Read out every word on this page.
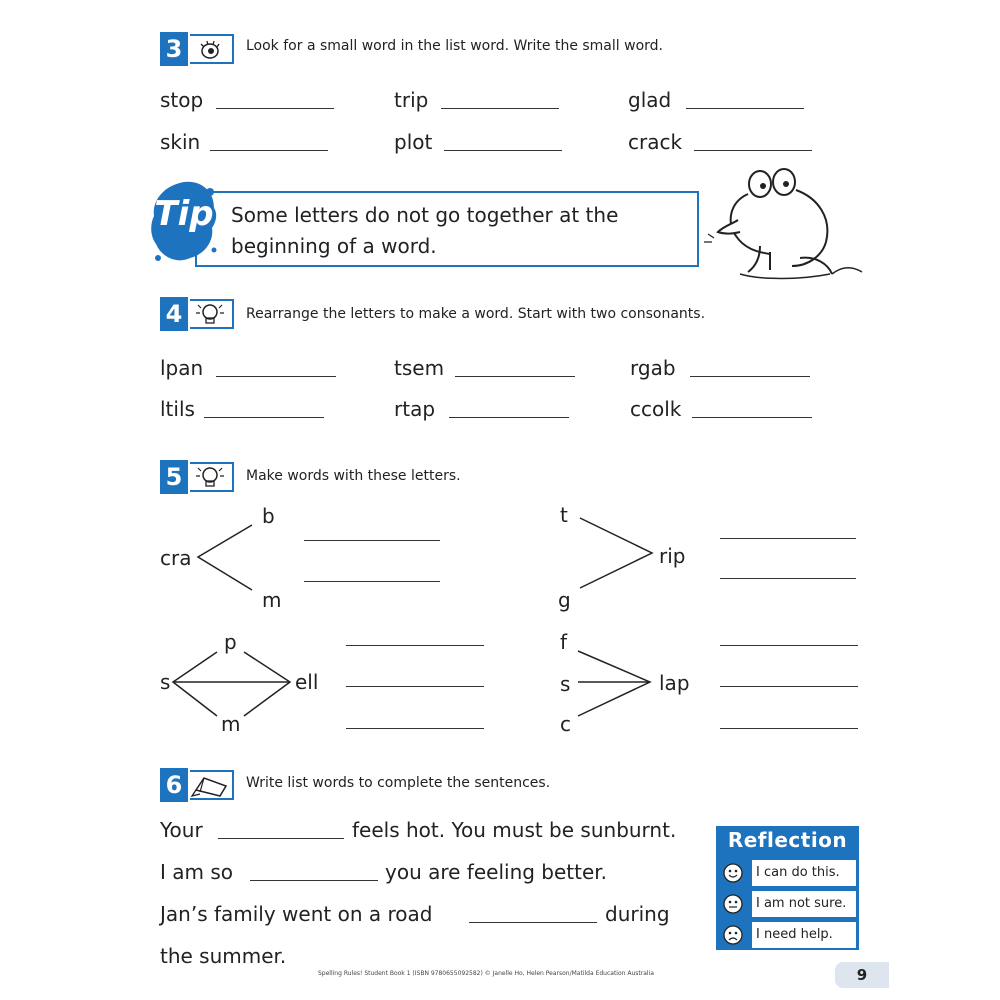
3	Look for a small word in the list word. Write the small word.
stop	trip	glad
skin	plot	crack
Tip Some letters do not go together at the
beginning of a word.
4	Rearrange the letters to make a word. Start with two consonants.
lpan	tsem	rgab
ltils	rtap	ccolk
5	Make words with these letters.
cra
b
m
t
g
rip
s
p
m
ell
f
s
c
lap
6	Write list words to complete the sentences.
Your	feels hot. You must be sunburnt.
I am so	you are feeling better.
Jan’s family went on a road	during
the summer.
Reflection
I can do this.
I am not sure.
I need help.
Spelling Rules! Student Book 1 (ISBN 9780655092582) © Janelle Ho, Helen Pearson/Matilda Education Australia	9
